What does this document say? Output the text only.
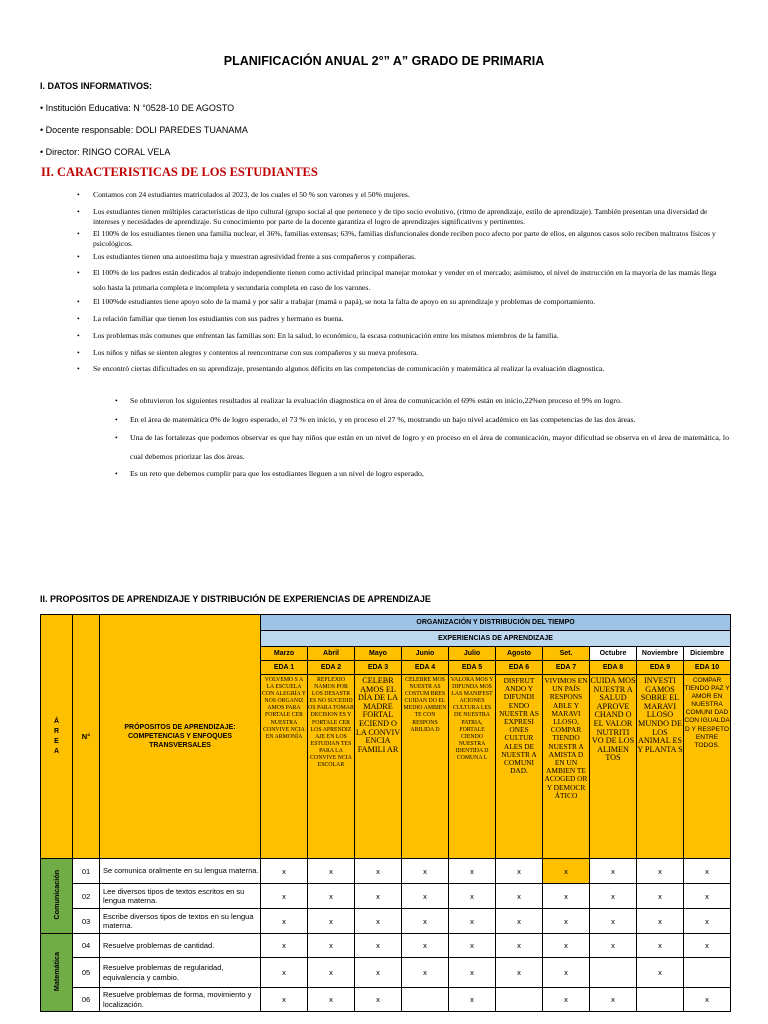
PLANIFICACIÓN ANUAL 2°” A” GRADO DE PRIMARIA
I. DATOS INFORMATIVOS:
• Institución Educativa: N °0528-10 DE AGOSTO
• Docente responsable: DOLI PAREDES TUANAMA
• Director: RINGO CORAL VELA
II. CARACTERISTICAS DE LOS ESTUDIANTES
•	Contamos con 24 estudiantes matriculados al 2023, de los cuales el 50 % son varones y el 50% mujeres.
•	Los estudiantes tienen múltiples características de tipo cultural (grupo social al que pertenece y de tipo socio evolutivo, (ritmo de aprendizaje, estilo de aprendizaje). También presentan una diversidad de intereses y necesidades de aprendizaje. Su conocimiento por parte de la docente garantiza el logro de aprendizajes significativos y pertinentes.
•	El 100% de los estudiantes tienen una familia nuclear, el 36%, familias extensas; 63%, familias disfuncionales donde reciben poco afecto por parte de ellos, en algunos casos solo reciben maltratos físicos y psicológicos.
•	Los estudiantes tienen una autoestima baja y muestran agresividad frente a sus compañeros y compañeras.
•	El 100% de los padres están dedicados al trabajo independiente tienen como actividad principal manejar motokar y vender en el mercado; asimismo, el nivel de instrucción en la mayoría de las mamás llega solo hasta la primaria completa e incompleta y secundaria completa en caso de los varones.
•	El 100%de estudiantes tiene apoyo solo de la mamá y por salir a trabajar (mamá o papá), se nota la falta de apoyo en su aprendizaje y problemas de comportamiento.
•	La relación familiar que tienen los estudiantes con sus padres y hermano es buena.
•	Los problemas más comunes que enfrentan las familias son: En la salud, lo económico, la escasa comunicación entre los mismos miembros de la familia.
•	Los niños y niñas se sienten alegres y contentos al reencontrarse con sus compañeros y su nueva profesora.
•	Se encontró ciertas dificultades en su aprendizaje, presentando algunos déficits en las competencias de comunicación y matemática al realizar la evaluación diagnostica.
•	Se obtuvieron los siguientes resultados al realizar la evaluación diagnostica en el área de comunicación el 69% están en inicio,22%en proceso el 9% en logro.
•	En el área de matemática 0% de logro esperado, el 73 % en inicio, y en proceso el 27 %, mostrando un bajo nivel académico en las competencias de las dos áreas.
•	Una de las fortalezas que podemos observar es que hay niños que están en un nivel de logro y en proceso en el área de comunicación, mayor dificultad se observa en el área de matemática, lo cual debemos priorizar las dos áreas.
•	Es un reto que debemos cumplir para que los estudiantes lleguen a un nivel de logro esperado,
II. PROPOSITOS DE APRENDIZAJE Y DISTRIBUCIÓN DE EXPERIENCIAS DE APRENDIZAJE
Á
R
E
A	N°	PRÓPOSITOS DE APRENDIZAJE: COMPETENCIAS Y ENFOQUES TRANSVERSALES	ORGANIZACIÓN Y DISTRIBUCIÓN DEL TIEMPO									
			EXPERIENCIAS DE APRENDIZAJE									
			Marzo	Abril	Mayo	Junio	Julio	Agosto	Set.	Octubre	Noviembre	Diciembre
			EDA 1	EDA 2	EDA 3	EDA 4	EDA 5	EDA 6	EDA 7	EDA 8	EDA 9	EDA 10
			VOLVEMO S A LA ESCUELA CON ALEGRÍA Y NOS ORGANIZ AMOS PARA FORTALE CER NUESTRA CONVIVE NCIA EN ARMONÍA	REFLEXIO NAMOS POR LOS DESASTR ES NO SUCEDID OS PARA TOMAR DECISION ES Y FORTALE CER LOS APRENDIZ AJE EN LOS ESTUDIAN TES PARA LA CONVIVE NCIA ESCOLAR	CELEBR AMOS EL DÍA DE LA MADRE FORTAL ECIEND O LA CONVIV ENCIA FAMILI AR	CELEBRE MOS NUESTR AS COSTUM BRES CUIDAN DO EL MEDIO AMBIEN TE CON RESPONS ABILIDA D	VALORA MOS Y DIFUNDA MOS LAS MANIFEST ACIONES CULTURA LES DE NUESTRA PATRIA, FORTALE CIENDO NUESTRA IDENTIDA D COMUNA L	DISFRUT ANDO Y DIFUNDI ENDO NUESTR AS EXPRESI ONES CULTUR ALES DE NUESTR A COMUNI DAD.	VIVIMOS EN UN PAÍS RESPONS ABLE Y MARAVI LLOSO, COMPAR TIENDO NUESTR A AMISTA D EN UN AMBIEN TE ACOGED OR Y DEMOCR ÁTICO	CUIDA MOS NUESTR A SALUD APROVE CHAND O EL VALOR NUTRITI VO DE LOS ALIMEN TOS	INVESTI GAMOS SOBRE EL MARAVI LLOSO MUNDO DE LOS ANIMAL ES Y PLANTA S	COMPAR TIENDO PAZ Y AMOR EN NUESTRA COMUNI DAD CON IGUALDA D Y RESPETO ENTRE TODOS.
Comunicación	01	Se comunica oralmente en su lengua materna.	x	x	x	x	x	x	x	x	x	x
	02	Lee diversos tipos de textos escritos en su lengua materna.	x	x	x	x	x	x	x	x	x	x
	03	Escribe diversos tipos de textos en su lengua materna.	x	x	x	x	x	x	x	x	x	x
Matemática	04	Resuelve problemas de cantidad.	x	x	x	x	x	x	x	x	x	x
	05	Resuelve problemas de regularidad, equivalencia y cambio.	x	x	x	x	x	x	x		x	
	06	Resuelve problemas de forma, movimiento y localización.	x	x	x		x		x	x		x
